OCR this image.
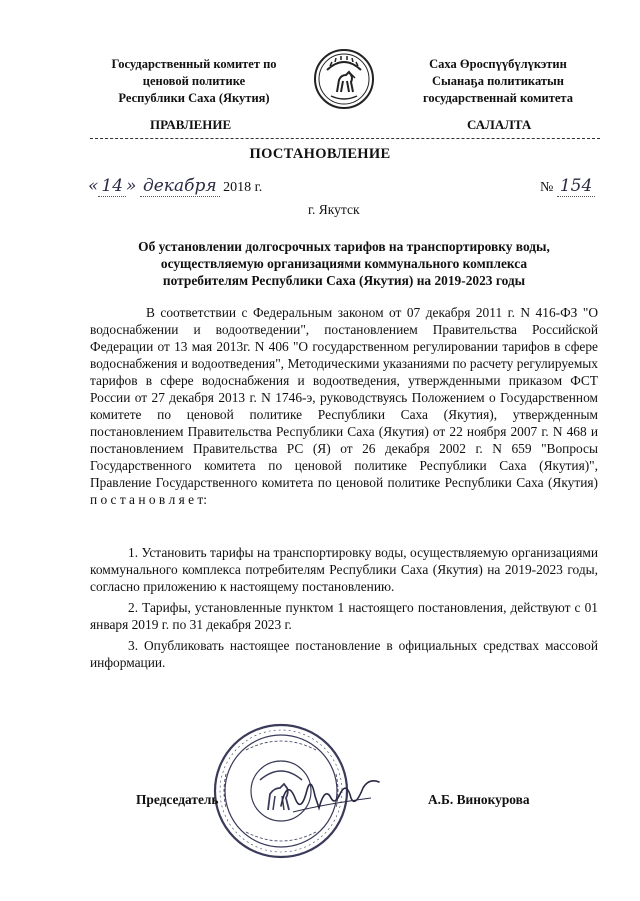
Государственный комитет по
ценовой политике
Республики Саха (Якутия)
Саха Өроспүүбүлүкэтин
Сыанаҕа политикатын
государственнай комитета
ПРАВЛЕНИЕ	САЛАЛТА
ПОСТАНОВЛЕНИЕ
« 14 » декабря 2018 г.	№ 154
г. Якутск
Об установлении долгосрочных тарифов на транспортировку воды,
осуществляемую организациями коммунального комплекса
потребителям Республики Саха (Якутия) на 2019-2023 годы

В соответствии с Федеральным законом от 07 декабря 2011 г. N 416-ФЗ "О водоснабжении и водоотведении", постановлением Правительства Российской Федерации от 13 мая 2013г. N 406 "О государственном регулировании тарифов в сфере водоснабжения и водоотведения", Методическими указаниями по расчету регулируемых тарифов в сфере водоснабжения и водоотведения, утвержденными приказом ФСТ России от 27 декабря 2013 г. N 1746-э, руководствуясь Положением о Государственном комитете по ценовой политике Республики Саха (Якутия), утвержденным постановлением Правительства Республики Саха (Якутия) от 22 ноября 2007 г. N 468 и постановлением Правительства РС (Я) от 26 декабря 2002 г. N 659 "Вопросы Государственного комитета по ценовой политике Республики Саха (Якутия)", Правление Государственного комитета по ценовой политике Республики Саха (Якутия) п о с т а н о в л я е т:

1. Установить тарифы на транспортировку воды, осуществляемую организациями коммунального комплекса потребителям Республики Саха (Якутия) на 2019-2023 годы, согласно приложению к настоящему постановлению.

2. Тарифы, установленные пунктом 1 настоящего постановления, действуют с 01 января 2019 г. по 31 декабря 2023 г.

3. Опубликовать настоящее постановление в официальных средствах массовой информации.

Председатель	А.Б. Винокурова
